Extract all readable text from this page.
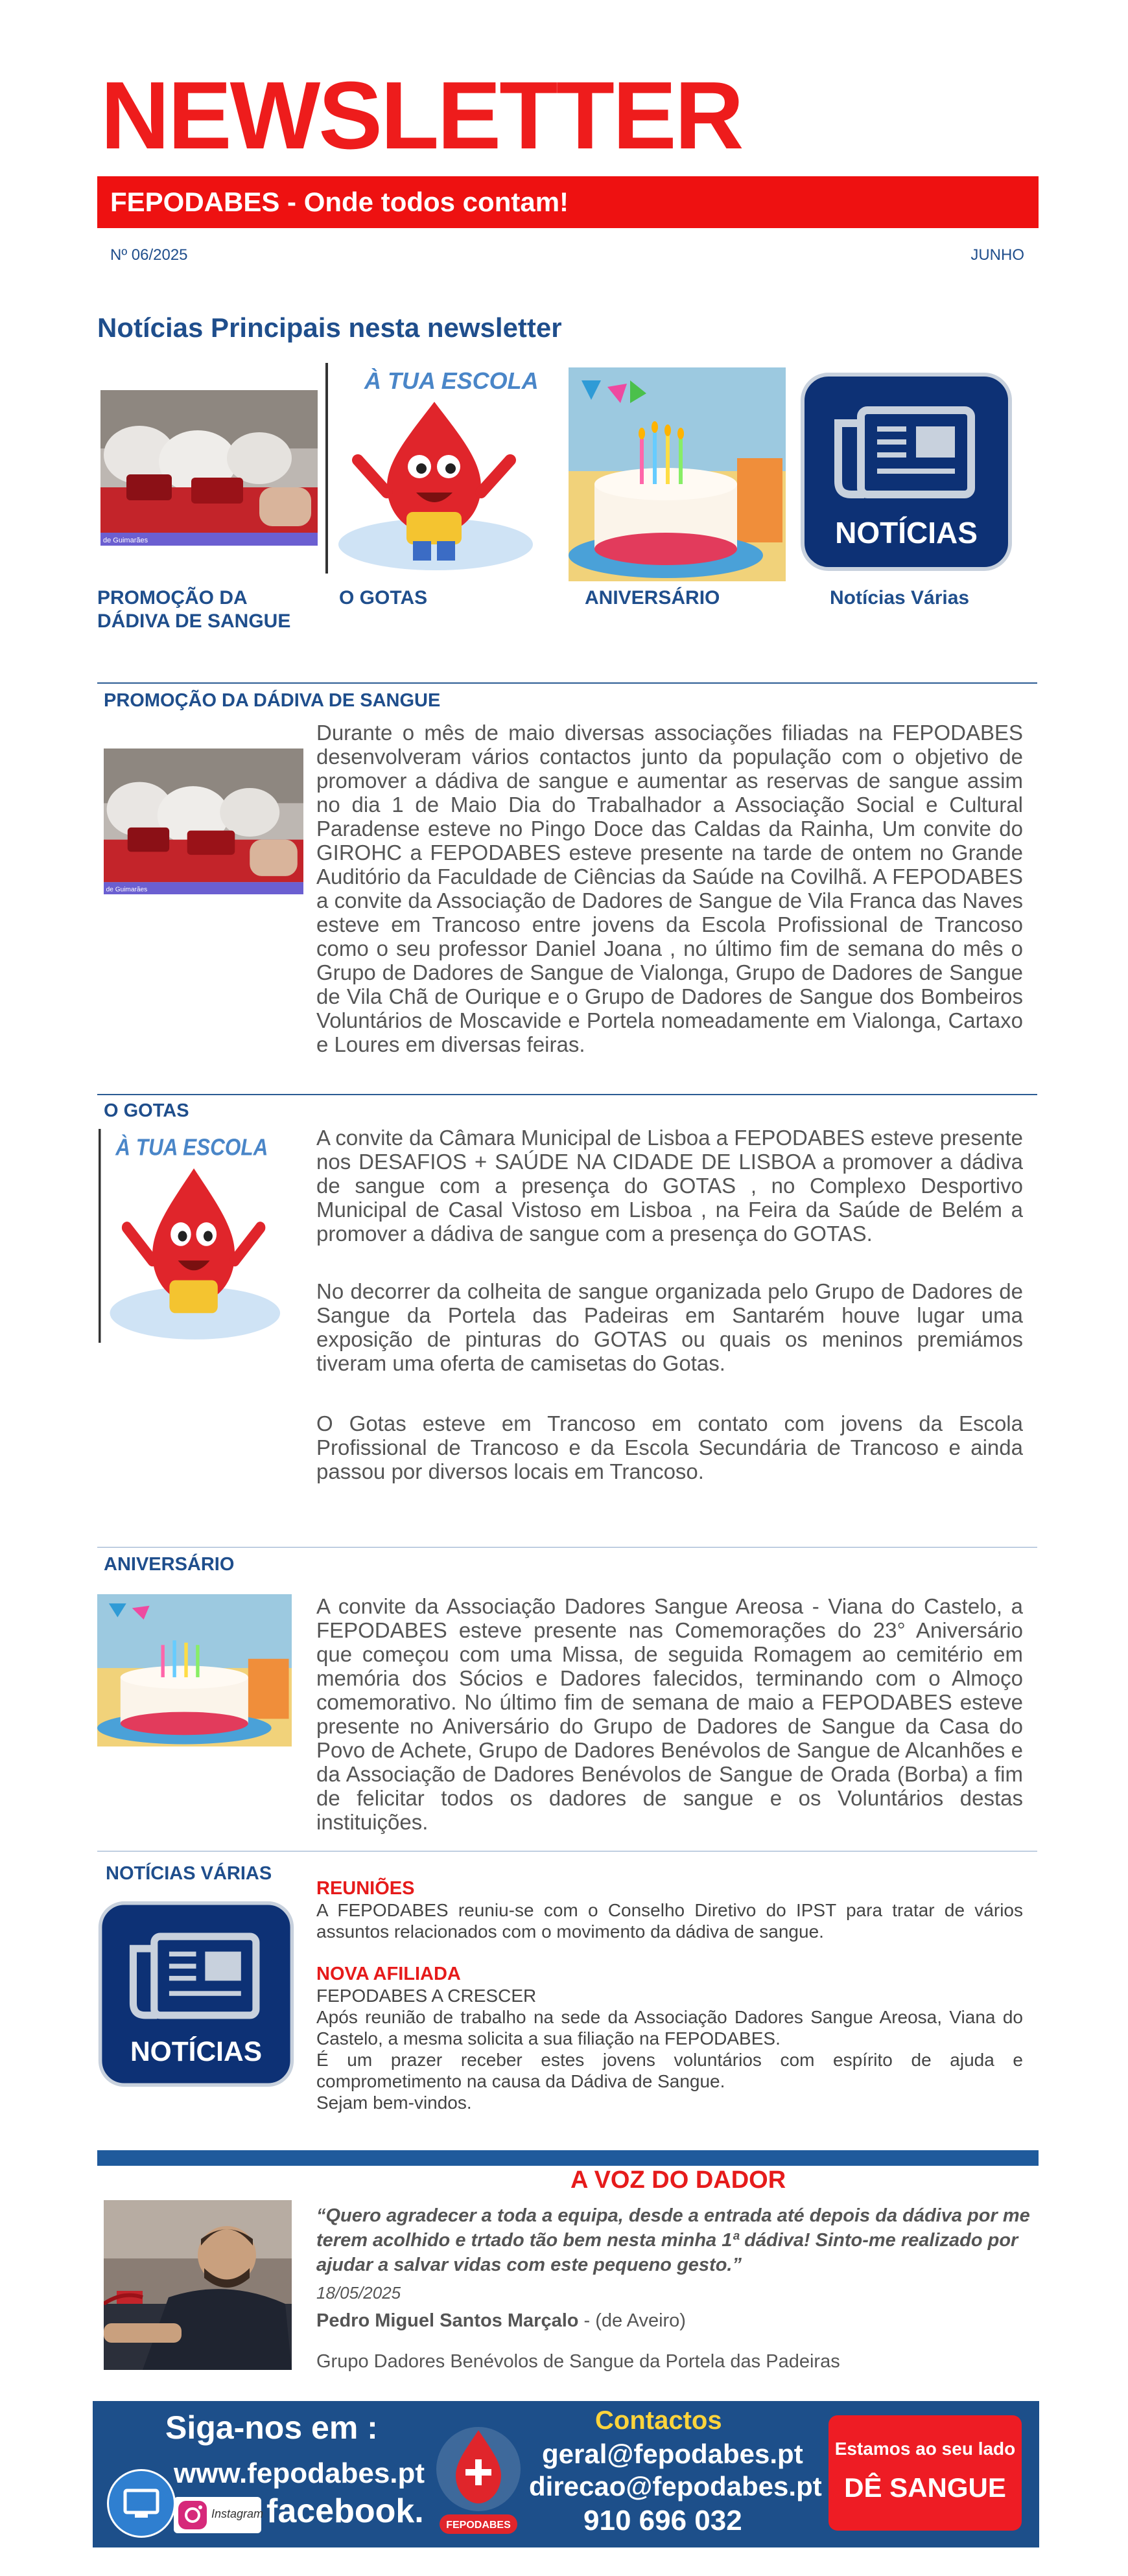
NEWSLETTER
FEPODABES - Onde todos contam!
Nº 06/2025	JUNHO
Notícias Principais nesta newsletter
de Guimarães
À TUA ESCOLA
NOTÍCIAS
PROMOÇÃO DA DÁDIVA DE SANGUE
O GOTAS	ANIVERSÁRIO	Notícias Várias
PROMOÇÃO DA DÁDIVA DE SANGUE
de Guimarães
Durante o mês de maio diversas associações filiadas na FEPODABES desenvolveram vários contactos junto da população com o objetivo de promover a dádiva de sangue e aumentar as reservas de sangue assim no dia 1 de Maio Dia do Trabalhador a Associação Social e Cultural Paradense esteve no Pingo Doce das Caldas da Rainha, Um convite do GIROHC a FEPODABES esteve presente na tarde de ontem no Grande Auditório da Faculdade de Ciências da Saúde na Covilhã. A FEPODABES a convite da Associação de Dadores de Sangue de Vila Franca das Naves esteve em Trancoso entre jovens da Escola Profissional de Trancoso como o seu professor Daniel Joana , no último fim de semana do mês o Grupo de Dadores de Sangue de Vialonga, Grupo de Dadores de Sangue de Vila Chã de Ourique e o Grupo de Dadores de Sangue dos Bombeiros Voluntários de Moscavide e Portela nomeadamente em Vialonga, Cartaxo e Loures em diversas feiras.
O GOTAS
À TUA ESCOLA A convite da Câmara Municipal de Lisboa a FEPODABES esteve presente nos DESAFIOS + SAÚDE NA CIDADE DE LISBOA a promover a dádiva de sangue com a presença do GOTAS , no Complexo Desportivo Municipal de Casal Vistoso em Lisboa , na Feira da Saúde de Belém a promover a dádiva de sangue com a presença do GOTAS.
No decorrer da colheita de sangue organizada pelo Grupo de Dadores de Sangue da Portela das Padeiras em Santarém houve lugar uma exposição de pinturas do GOTAS ou quais os meninos premiámos tiveram uma oferta de camisetas do Gotas.
O Gotas esteve em Trancoso em contato com jovens da Escola Profissional de Trancoso e da Escola Secundária de Trancoso e ainda passou por diversos locais em Trancoso.
ANIVERSÁRIO
A convite da Associação Dadores Sangue Areosa - Viana do Castelo, a FEPODABES esteve presente nas Comemorações do 23° Aniversário que começou com uma Missa, de seguida Romagem ao cemitério em memória dos Sócios e Dadores falecidos, terminando com o Almoço comemorativo. No último fim de semana de maio a FEPODABES esteve presente no Aniversário do Grupo de Dadores de Sangue da Casa do Povo de Achete, Grupo de Dadores Benévolos de Sangue de Alcanhões e da Associação de Dadores Benévolos de Sangue de Orada (Borba) a fim de felicitar todos os dadores de sangue e os Voluntários destas instituições.
NOTÍCIAS VÁRIAS
NOTÍCIAS
REUNIÕES
A FEPODABES reuniu-se com o Conselho Diretivo do IPST para tratar de vários assuntos relacionados com o movimento da dádiva de sangue.
NOVA AFILIADA
FEPODABES A CRESCER
Após reunião de trabalho na sede da Associação Dadores Sangue Areosa, Viana do Castelo, a mesma solicita a sua filiação na FEPODABES.
É um prazer receber estes jovens voluntários com espírito de ajuda e comprometimento na causa da Dádiva de Sangue.
Sejam bem-vindos.
A VOZ DO DADOR
“Quero agradecer a toda a equipa, desde a entrada até depois da dádiva por me terem acolhido e trtado tão bem nesta minha 1ª dádiva! Sinto-me realizado por ajudar a salvar vidas com este pequeno gesto.”
18/05/2025
Pedro Miguel Santos Marçalo - (de Aveiro)
Grupo Dadores Benévolos de Sangue da Portela das Padeiras
Siga-nos em :
www.fepodabes.pt
Instagram facebook. FEPODABES
Contactos
geral@fepodabes.pt
direcao@fepodabes.pt
910 696 032
Estamos ao seu lado
DÊ SANGUE
